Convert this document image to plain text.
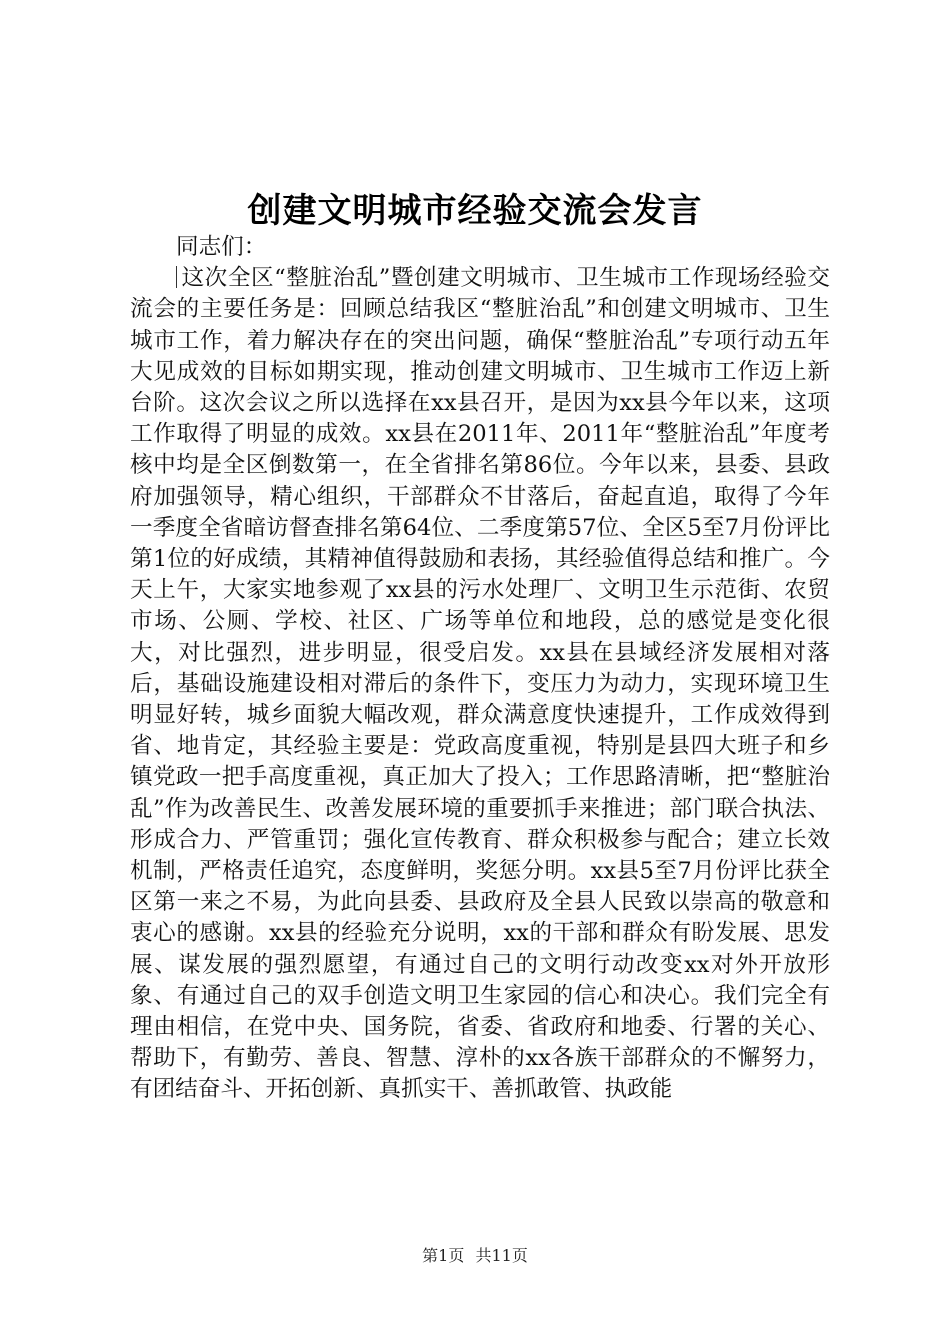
创建文明城市经验交流会发言

同志们：

这次全区“整脏治乱”暨创建文明城市、卫生城市工作现场经验交流会的主要任务是：回顾总结我区“整脏治乱”和创建文明城市、卫生城市工作，着力解决存在的突出问题，确保“整脏治乱”专项行动五年大见成效的目标如期实现，推动创建文明城市、卫生城市工作迈上新台阶。这次会议之所以选择在xx县召开，是因为xx县今年以来，这项工作取得了明显的成效。xx县在2011年、2011年“整脏治乱”年度考核中均是全区倒数第一，在全省排名第86位。今年以来，县委、县政府加强领导，精心组织，干部群众不甘落后，奋起直追，取得了今年一季度全省暗访督查排名第64位、二季度第57位、全区5至7月份评比第1位的好成绩，其精神值得鼓励和表扬，其经验值得总结和推广。今天上午，大家实地参观了xx县的污水处理厂、文明卫生示范街、农贸市场、公厕、学校、社区、广场等单位和地段，总的感觉是变化很大，对比强烈，进步明显，很受启发。xx县在县域经济发展相对落后，基础设施建设相对滞后的条件下，变压力为动力，实现环境卫生明显好转，城乡面貌大幅改观，群众满意度快速提升，工作成效得到省、地肯定，其经验主要是：党政高度重视，特别是县四大班子和乡镇党政一把手高度重视，真正加大了投入；工作思路清晰，把“整脏治乱”作为改善民生、改善发展环境的重要抓手来推进；部门联合执法、形成合力、严管重罚；强化宣传教育、群众积极参与配合；建立长效机制，严格责任追究，态度鲜明，奖惩分明。xx县5至7月份评比获全区第一来之不易，为此向县委、县政府及全县人民致以崇高的敬意和衷心的感谢。xx县的经验充分说明，xx的干部和群众有盼发展、思发展、谋发展的强烈愿望，有通过自己的文明行动改变xx对外开放形象、有通过自己的双手创造文明卫生家园的信心和决心。我们完全有理由相信，在党中央、国务院，省委、省政府和地委、行署的关心、帮助下，有勤劳、善良、智慧、淳朴的xx各族干部群众的不懈努力，有团结奋斗、开拓创新、真抓实干、善抓敢管、执政能

第1页 共11页
